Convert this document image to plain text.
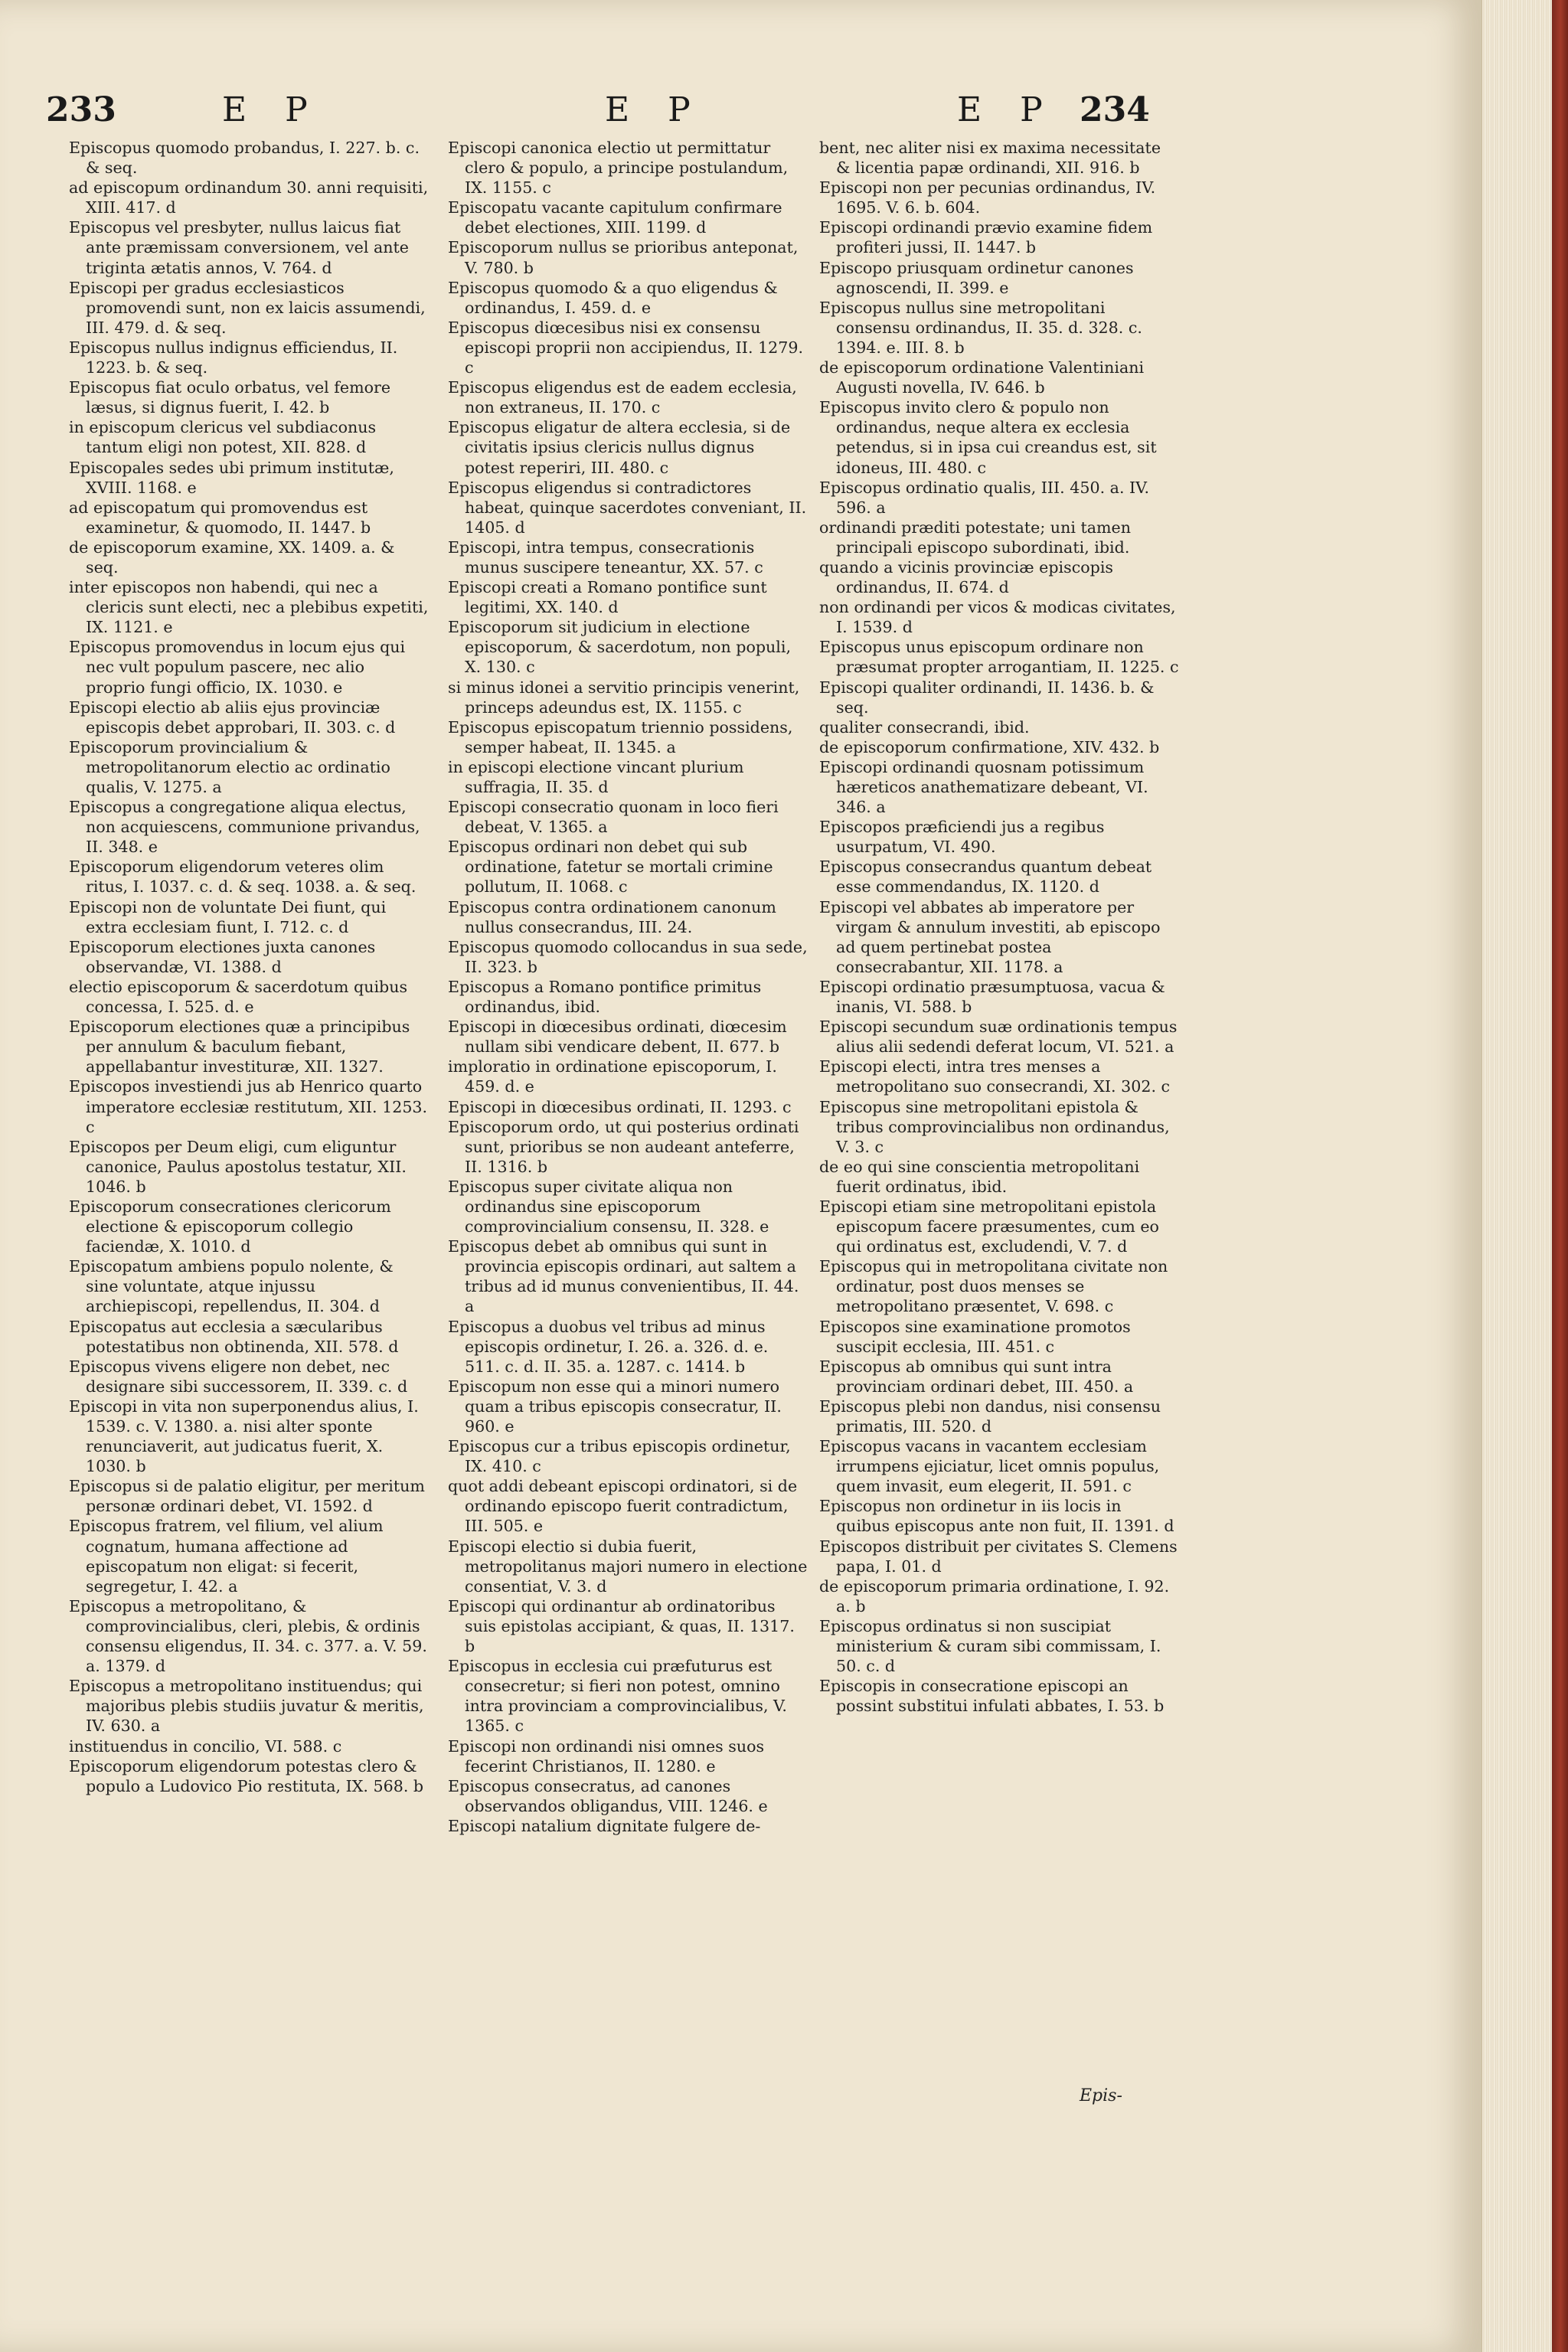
233	E P	E P	E P 234

Episcopus quomodo probandus, I. 227. b. c. & seq.

ad episcopum ordinandum 30. anni requisiti, XIII. 417. d

Episcopus vel presbyter, nullus laicus fiat ante præmissam conversionem, vel ante triginta ætatis annos, V. 764. d

Episcopi per gradus ecclesiasticos promovendi sunt, non ex laicis assumendi, III. 479. d. & seq.

Episcopus nullus indignus efficiendus, II. 1223. b. & seq.

Episcopus fiat oculo orbatus, vel femore læsus, si dignus fuerit, I. 42. b

in episcopum clericus vel subdiaconus tantum eligi non potest, XII. 828. d

Episcopales sedes ubi primum institutæ, XVIII. 1168. e

ad episcopatum qui promovendus est examinetur, & quomodo, II. 1447. b

de episcoporum examine, XX. 1409. a. & seq.

inter episcopos non habendi, qui nec a clericis sunt electi, nec a plebibus expetiti, IX. 1121. e

Episcopus promovendus in locum ejus qui nec vult populum pascere, nec alio proprio fungi officio, IX. 1030. e

Episcopi electio ab aliis ejus provinciæ episcopis debet approbari, II. 303. c. d

Episcoporum provincialium & metropolitanorum electio ac ordinatio qualis, V. 1275. a

Episcopus a congregatione aliqua electus, non acquiescens, communione privandus, II. 348. e

Episcoporum eligendorum veteres olim ritus, I. 1037. c. d. & seq. 1038. a. & seq.

Episcopi non de voluntate Dei fiunt, qui extra ecclesiam fiunt, I. 712. c. d

Episcoporum electiones juxta canones observandæ, VI. 1388. d

electio episcoporum & sacerdotum quibus concessa, I. 525. d. e

Episcoporum electiones quæ a principibus per annulum & baculum fiebant, appellabantur investituræ, XII. 1327.

Episcopos investiendi jus ab Henrico quarto imperatore ecclesiæ restitutum, XII. 1253. c

Episcopos per Deum eligi, cum eliguntur canonice, Paulus apostolus testatur, XII. 1046. b

Episcoporum consecrationes clericorum electione & episcoporum collegio faciendæ, X. 1010. d

Episcopatum ambiens populo nolente, & sine voluntate, atque injussu archiepiscopi, repellendus, II. 304. d

Episcopatus aut ecclesia a sæcularibus potestatibus non obtinenda, XII. 578. d

Episcopus vivens eligere non debet, nec designare sibi successorem, II. 339. c. d

Episcopi in vita non superponendus alius, I. 1539. c. V. 1380. a. nisi alter sponte renunciaverit, aut judicatus fuerit, X. 1030. b

Episcopus si de palatio eligitur, per meritum personæ ordinari debet, VI. 1592. d

Episcopus fratrem, vel filium, vel alium cognatum, humana affectione ad episcopatum non eligat: si fecerit, segregetur, I. 42. a

Episcopus a metropolitano, & comprovincialibus, cleri, plebis, & ordinis consensu eligendus, II. 34. c. 377. a. V. 59. a. 1379. d

Episcopus a metropolitano instituendus; qui majoribus plebis studiis juvatur & meritis, IV. 630. a

instituendus in concilio, VI. 588. c

Episcoporum eligendorum potestas clero & populo a Ludovico Pio restituta, IX. 568. b

Episcopi canonica electio ut permittatur clero & populo, a principe postulandum, IX. 1155. c

Episcopatu vacante capitulum confirmare debet electiones, XIII. 1199. d

Episcoporum nullus se prioribus anteponat, V. 780. b

Episcopus quomodo & a quo eligendus & ordinandus, I. 459. d. e

Episcopus diœcesibus nisi ex consensu episcopi proprii non accipiendus, II. 1279. c

Episcopus eligendus est de eadem ecclesia, non extraneus, II. 170. c

Episcopus eligatur de altera ecclesia, si de civitatis ipsius clericis nullus dignus potest reperiri, III. 480. c

Episcopus eligendus si contradictores habeat, quinque sacerdotes conveniant, II. 1405. d

Episcopi, intra tempus, consecrationis munus suscipere teneantur, XX. 57. c

Episcopi creati a Romano pontifice sunt legitimi, XX. 140. d

Episcoporum sit judicium in electione episcoporum, & sacerdotum, non populi, X. 130. c

si minus idonei a servitio principis venerint, princeps adeundus est, IX. 1155. c

Episcopus episcopatum triennio possidens, semper habeat, II. 1345. a

in episcopi electione vincant plurium suffragia, II. 35. d

Episcopi consecratio quonam in loco fieri debeat, V. 1365. a

Episcopus ordinari non debet qui sub ordinatione, fatetur se mortali crimine pollutum, II. 1068. c

Episcopus contra ordinationem canonum nullus consecrandus, III. 24.

Episcopus quomodo collocandus in sua sede, II. 323. b

Episcopus a Romano pontifice primitus ordinandus, ibid.

Episcopi in diœcesibus ordinati, diœcesim nullam sibi vendicare debent, II. 677. b

imploratio in ordinatione episcoporum, I. 459. d. e

Episcopi in diœcesibus ordinati, II. 1293. c

Episcoporum ordo, ut qui posterius ordinati sunt, prioribus se non audeant anteferre, II. 1316. b

Episcopus super civitate aliqua non ordinandus sine episcoporum comprovincialium consensu, II. 328. e

Episcopus debet ab omnibus qui sunt in provincia episcopis ordinari, aut saltem a tribus ad id munus convenientibus, II. 44. a

Episcopus a duobus vel tribus ad minus episcopis ordinetur, I. 26. a. 326. d. e. 511. c. d. II. 35. a. 1287. c. 1414. b

Episcopum non esse qui a minori numero quam a tribus episcopis consecratur, II. 960. e

Episcopus cur a tribus episcopis ordinetur, IX. 410. c

quot addi debeant episcopi ordinatori, si de ordinando episcopo fuerit contradictum, III. 505. e

Episcopi electio si dubia fuerit, metropolitanus majori numero in electione consentiat, V. 3. d

Episcopi qui ordinantur ab ordinatoribus suis epistolas accipiant, & quas, II. 1317. b

Episcopus in ecclesia cui præfuturus est consecretur; si fieri non potest, omnino intra provinciam a comprovincialibus, V. 1365. c

Episcopi non ordinandi nisi omnes suos fecerint Christianos, II. 1280. e

Episcopus consecratus, ad canones observandos obligandus, VIII. 1246. e

Episcopi natalium dignitate fulgere de-

bent, nec aliter nisi ex maxima necessitate & licentia papæ ordinandi, XII. 916. b

Episcopi non per pecunias ordinandus, IV. 1695. V. 6. b. 604.

Episcopi ordinandi prævio examine fidem profiteri jussi, II. 1447. b

Episcopo priusquam ordinetur canones agnoscendi, II. 399. e

Episcopus nullus sine metropolitani consensu ordinandus, II. 35. d. 328. c. 1394. e. III. 8. b

de episcoporum ordinatione Valentiniani Augusti novella, IV. 646. b

Episcopus invito clero & populo non ordinandus, neque altera ex ecclesia petendus, si in ipsa cui creandus est, sit idoneus, III. 480. c

Episcopus ordinatio qualis, III. 450. a. IV. 596. a

ordinandi præditi potestate; uni tamen principali episcopo subordinati, ibid.

quando a vicinis provinciæ episcopis ordinandus, II. 674. d

non ordinandi per vicos & modicas civitates, I. 1539. d

Episcopus unus episcopum ordinare non præsumat propter arrogantiam, II. 1225. c

Episcopi qualiter ordinandi, II. 1436. b. & seq.

qualiter consecrandi, ibid.

de episcoporum confirmatione, XIV. 432. b

Episcopi ordinandi quosnam potissimum hæreticos anathematizare debeant, VI. 346. a

Episcopos præficiendi jus a regibus usurpatum, VI. 490.

Episcopus consecrandus quantum debeat esse commendandus, IX. 1120. d

Episcopi vel abbates ab imperatore per virgam & annulum investiti, ab episcopo ad quem pertinebat postea consecrabantur, XII. 1178. a

Episcopi ordinatio præsumptuosa, vacua & inanis, VI. 588. b

Episcopi secundum suæ ordinationis tempus alius alii sedendi deferat locum, VI. 521. a

Episcopi electi, intra tres menses a metropolitano suo consecrandi, XI. 302. c

Episcopus sine metropolitani epistola & tribus comprovincialibus non ordinandus, V. 3. c

de eo qui sine conscientia metropolitani fuerit ordinatus, ibid.

Episcopi etiam sine metropolitani epistola episcopum facere præsumentes, cum eo qui ordinatus est, excludendi, V. 7. d

Episcopus qui in metropolitana civitate non ordinatur, post duos menses se metropolitano præsentet, V. 698. c

Episcopos sine examinatione promotos suscipit ecclesia, III. 451. c

Episcopus ab omnibus qui sunt intra provinciam ordinari debet, III. 450. a

Episcopus plebi non dandus, nisi consensu primatis, III. 520. d

Episcopus vacans in vacantem ecclesiam irrumpens ejiciatur, licet omnis populus, quem invasit, eum elegerit, II. 591. c

Episcopus non ordinetur in iis locis in quibus episcopus ante non fuit, II. 1391. d

Episcopos distribuit per civitates S. Clemens papa, I. 01. d

de episcoporum primaria ordinatione, I. 92. a. b

Episcopus ordinatus si non suscipiat ministerium & curam sibi commissam, I. 50. c. d

Episcopis in consecratione episcopi an possint substitui infulati abbates, I. 53. b

Epis-
